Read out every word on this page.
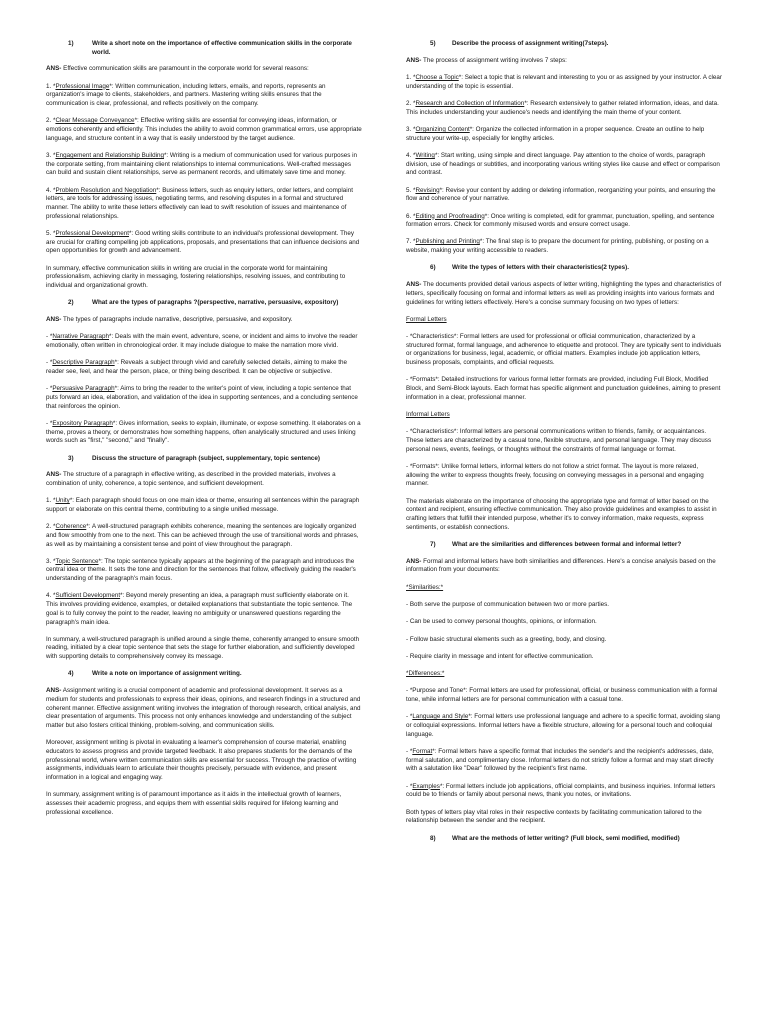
1)	Write a short note on the importance of effective communication skills in the corporate world.
ANS- Effective communication skills are paramount in the corporate world for several reasons:
1. *Professional Image*: Written communication, including letters, emails, and reports, represents an organization's image to clients, stakeholders, and partners. Mastering writing skills ensures that the communication is clear, professional, and reflects positively on the company.
2. *Clear Message Conveyance*: Effective writing skills are essential for conveying ideas, information, or emotions coherently and efficiently. This includes the ability to avoid common grammatical errors, use appropriate language, and structure content in a way that is easily understood by the target audience.
3. *Engagement and Relationship Building*: Writing is a medium of communication used for various purposes in the corporate setting, from maintaining client relationships to internal communications. Well-crafted messages can build and sustain client relationships, serve as permanent records, and ultimately save time and money.
4. *Problem Resolution and Negotiation*: Business letters, such as enquiry letters, order letters, and complaint letters, are tools for addressing issues, negotiating terms, and resolving disputes in a formal and structured manner. The ability to write these letters effectively can lead to swift resolution of issues and maintenance of professional relationships.
5. *Professional Development*: Good writing skills contribute to an individual's professional development. They are crucial for crafting compelling job applications, proposals, and presentations that can influence decisions and open opportunities for growth and advancement.
In summary, effective communication skills in writing are crucial in the corporate world for maintaining professionalism, achieving clarity in messaging, fostering relationships, resolving issues, and contributing to individual and organizational growth.
2)	What are the types of paragraphs ?(perspective, narrative, persuasive, expository)
ANS- The types of paragraphs include narrative, descriptive, persuasive, and expository.
- *Narrative Paragraph*: Deals with the main event, adventure, scene, or incident and aims to involve the reader emotionally, often written in chronological order. It may include dialogue to make the narration more vivid.
- *Descriptive Paragraph*: Reveals a subject through vivid and carefully selected details, aiming to make the reader see, feel, and hear the person, place, or thing being described. It can be objective or subjective.
- *Persuasive Paragraph*: Aims to bring the reader to the writer's point of view, including a topic sentence that puts forward an idea, elaboration, and validation of the idea in supporting sentences, and a concluding sentence that reinforces the opinion.
- *Expository Paragraph*: Gives information, seeks to explain, illuminate, or expose something. It elaborates on a theme, proves a theory, or demonstrates how something happens, often analytically structured and uses linking words such as "first," "second," and "finally".
3)	Discuss the structure of paragraph (subject, supplementary, topic sentence)
ANS- The structure of a paragraph in effective writing, as described in the provided materials, involves a combination of unity, coherence, a topic sentence, and sufficient development.
1. *Unity*: Each paragraph should focus on one main idea or theme, ensuring all sentences within the paragraph support or elaborate on this central theme, contributing to a single unified message.
2. *Coherence*: A well-structured paragraph exhibits coherence, meaning the sentences are logically organized and flow smoothly from one to the next. This can be achieved through the use of transitional words and phrases, as well as by maintaining a consistent tense and point of view throughout the paragraph.
3. *Topic Sentence*: The topic sentence typically appears at the beginning of the paragraph and introduces the central idea or theme. It sets the tone and direction for the sentences that follow, effectively guiding the reader's understanding of the paragraph's main focus.
4. *Sufficient Development*: Beyond merely presenting an idea, a paragraph must sufficiently elaborate on it. This involves providing evidence, examples, or detailed explanations that substantiate the topic sentence. The goal is to fully convey the point to the reader, leaving no ambiguity or unanswered questions regarding the paragraph's main idea.
In summary, a well-structured paragraph is unified around a single theme, coherently arranged to ensure smooth reading, initiated by a clear topic sentence that sets the stage for further elaboration, and sufficiently developed with supporting details to comprehensively convey its message.
4)	Write a note on importance of assignment writing.
ANS- Assignment writing is a crucial component of academic and professional development. It serves as a medium for students and professionals to express their ideas, opinions, and research findings in a structured and coherent manner. Effective assignment writing involves the integration of thorough research, critical analysis, and clear presentation of arguments. This process not only enhances knowledge and understanding of the subject matter but also fosters critical thinking, problem-solving, and communication skills.
Moreover, assignment writing is pivotal in evaluating a learner's comprehension of course material, enabling educators to assess progress and provide targeted feedback. It also prepares students for the demands of the professional world, where written communication skills are essential for success. Through the practice of writing assignments, individuals learn to articulate their thoughts precisely, persuade with evidence, and present information in a logical and engaging way.
In summary, assignment writing is of paramount importance as it aids in the intellectual growth of learners, assesses their academic progress, and equips them with essential skills required for lifelong learning and professional excellence.
5)	Describe the process of assignment writing(7steps).
ANS- The process of assignment writing involves 7 steps:
1. *Choose a Topic*: Select a topic that is relevant and interesting to you or as assigned by your instructor. A clear understanding of the topic is essential.
2. *Research and Collection of Information*: Research extensively to gather related information, ideas, and data. This includes understanding your audience's needs and identifying the main theme of your content.
3. *Organizing Content*: Organize the collected information in a proper sequence. Create an outline to help structure your write-up, especially for lengthy articles.
4. *Writing*: Start writing, using simple and direct language. Pay attention to the choice of words, paragraph division, use of headings or subtitles, and incorporating various writing styles like cause and effect or comparison and contrast.
5. *Revising*: Revise your content by adding or deleting information, reorganizing your points, and ensuring the flow and coherence of your narrative.
6. *Editing and Proofreading*: Once writing is completed, edit for grammar, punctuation, spelling, and sentence formation errors. Check for commonly misused words and ensure correct usage.
7. *Publishing and Printing*: The final step is to prepare the document for printing, publishing, or posting on a website, making your writing accessible to readers.
6)	Write the types of letters with their characteristics(2 types).
ANS- The documents provided detail various aspects of letter writing, highlighting the types and characteristics of letters, specifically focusing on formal and informal letters as well as providing insights into various formats and guidelines for writing letters effectively. Here's a concise summary focusing on two types of letters:
Formal Letters
- *Characteristics*: Formal letters are used for professional or official communication, characterized by a structured format, formal language, and adherence to etiquette and protocol. They are typically sent to individuals or organizations for business, legal, academic, or official matters. Examples include job application letters, business proposals, complaints, and official requests.
- *Formats*: Detailed instructions for various formal letter formats are provided, including Full Block, Modified Block, and Semi-Block layouts. Each format has specific alignment and punctuation guidelines, aiming to present information in a clear, professional manner.
Informal Letters
- *Characteristics*: Informal letters are personal communications written to friends, family, or acquaintances. These letters are characterized by a casual tone, flexible structure, and personal language. They may discuss personal news, events, feelings, or thoughts without the constraints of formal language or format.
- *Formats*: Unlike formal letters, informal letters do not follow a strict format. The layout is more relaxed, allowing the writer to express thoughts freely, focusing on conveying messages in a personal and engaging manner.
The materials elaborate on the importance of choosing the appropriate type and format of letter based on the context and recipient, ensuring effective communication. They also provide guidelines and examples to assist in crafting letters that fulfill their intended purpose, whether it's to convey information, make requests, express sentiments, or establish connections.
7)	What are the similarities and differences between formal and informal letter?
ANS- Formal and informal letters have both similarities and differences. Here's a concise analysis based on the information from your documents:
*Similarities:*
- Both serve the purpose of communication between two or more parties.
- Can be used to convey personal thoughts, opinions, or information.
- Follow basic structural elements such as a greeting, body, and closing.
- Require clarity in message and intent for effective communication.
*Differences:*
- *Purpose and Tone*: Formal letters are used for professional, official, or business communication with a formal tone, while informal letters are for personal communication with a casual tone.
- *Language and Style*: Formal letters use professional language and adhere to a specific format, avoiding slang or colloquial expressions. Informal letters have a flexible structure, allowing for a personal touch and colloquial language.
- *Format*: Formal letters have a specific format that includes the sender's and the recipient's addresses, date, formal salutation, and complimentary close. Informal letters do not strictly follow a format and may start directly with a salutation like "Dear" followed by the recipient's first name.
- *Examples*: Formal letters include job applications, official complaints, and business inquiries. Informal letters could be to friends or family about personal news, thank you notes, or invitations.
Both types of letters play vital roles in their respective contexts by facilitating communication tailored to the relationship between the sender and the recipient.
8)	What are the methods of letter writing? (Full block, semi modified, modified)
